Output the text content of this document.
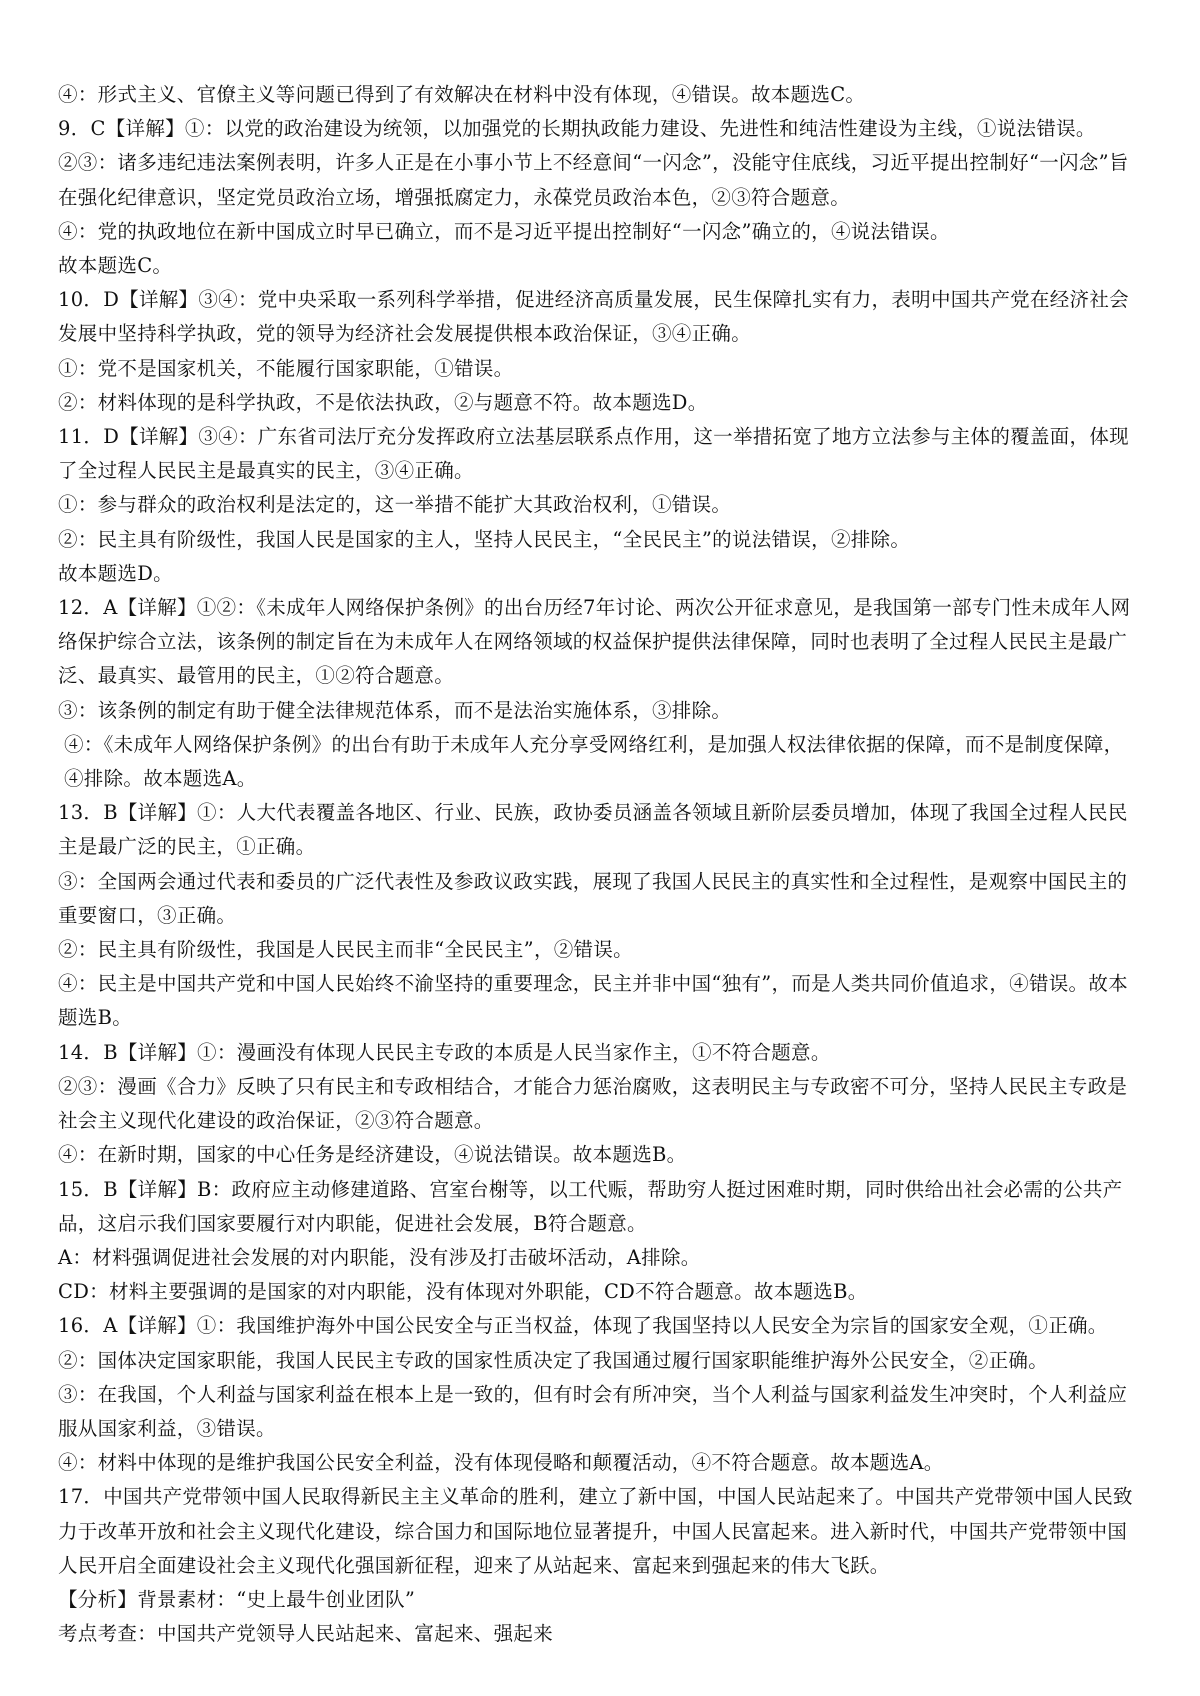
④：形式主义、官僚主义等问题已得到了有效解决在材料中没有体现，④错误。故本题选C。

9．C【详解】①：以党的政治建设为统领，以加强党的长期执政能力建设、先进性和纯洁性建设为主线，①说法错误。

②③：诸多违纪违法案例表明，许多人正是在小事小节上不经意间“一闪念”，没能守住底线，习近平提出控制好“一闪念”旨在强化纪律意识，坚定党员政治立场，增强抵腐定力，永葆党员政治本色，②③符合题意。

④：党的执政地位在新中国成立时早已确立，而不是习近平提出控制好“一闪念”确立的，④说法错误。

故本题选C。

10．D【详解】③④：党中央采取一系列科学举措，促进经济高质量发展，民生保障扎实有力，表明中国共产党在经济社会发展中坚持科学执政，党的领导为经济社会发展提供根本政治保证，③④正确。

①：党不是国家机关，不能履行国家职能，①错误。

②：材料体现的是科学执政，不是依法执政，②与题意不符。故本题选D。

11．D【详解】③④：广东省司法厅充分发挥政府立法基层联系点作用，这一举措拓宽了地方立法参与主体的覆盖面，体现了全过程人民民主是最真实的民主，③④正确。

①：参与群众的政治权利是法定的，这一举措不能扩大其政治权利，①错误。

②：民主具有阶级性，我国人民是国家的主人，坚持人民民主，“全民民主”的说法错误，②排除。

故本题选D。

12．A【详解】①②：《未成年人网络保护条例》的出台历经7年讨论、两次公开征求意见，是我国第一部专门性未成年人网络保护综合立法，该条例的制定旨在为未成年人在网络领域的权益保护提供法律保障，同时也表明了全过程人民民主是最广泛、最真实、最管用的民主，①②符合题意。

③：该条例的制定有助于健全法律规范体系，而不是法治实施体系，③排除。

④：《未成年人网络保护条例》的出台有助于未成年人充分享受网络红利，是加强人权法律依据的保障，而不是制度保障，④排除。故本题选A。

13．B【详解】①：人大代表覆盖各地区、行业、民族，政协委员涵盖各领域且新阶层委员增加，体现了我国全过程人民民主是最广泛的民主，①正确。

③：全国两会通过代表和委员的广泛代表性及参政议政实践，展现了我国人民民主的真实性和全过程性，是观察中国民主的重要窗口，③正确。

②：民主具有阶级性，我国是人民民主而非“全民民主”，②错误。

④：民主是中国共产党和中国人民始终不渝坚持的重要理念，民主并非中国“独有”，而是人类共同价值追求，④错误。故本题选B。

14．B【详解】①：漫画没有体现人民民主专政的本质是人民当家作主，①不符合题意。

②③：漫画《合力》反映了只有民主和专政相结合，才能合力惩治腐败，这表明民主与专政密不可分，坚持人民民主专政是社会主义现代化建设的政治保证，②③符合题意。

④：在新时期，国家的中心任务是经济建设，④说法错误。故本题选B。

15．B【详解】B：政府应主动修建道路、宫室台榭等，以工代赈，帮助穷人挺过困难时期，同时供给出社会必需的公共产品，这启示我们国家要履行对内职能，促进社会发展，B符合题意。

A：材料强调促进社会发展的对内职能，没有涉及打击破坏活动，A排除。

CD：材料主要强调的是国家的对内职能，没有体现对外职能，CD不符合题意。故本题选B。

16．A【详解】①：我国维护海外中国公民安全与正当权益，体现了我国坚持以人民安全为宗旨的国家安全观，①正确。

②：国体决定国家职能，我国人民民主专政的国家性质决定了我国通过履行国家职能维护海外公民安全，②正确。

③：在我国，个人利益与国家利益在根本上是一致的，但有时会有所冲突，当个人利益与国家利益发生冲突时，个人利益应服从国家利益，③错误。

④：材料中体现的是维护我国公民安全利益，没有体现侵略和颠覆活动，④不符合题意。故本题选A。

17．中国共产党带领中国人民取得新民主主义革命的胜利，建立了新中国，中国人民站起来了。中国共产党带领中国人民致力于改革开放和社会主义现代化建设，综合国力和国际地位显著提升，中国人民富起来。进入新时代，中国共产党带领中国人民开启全面建设社会主义现代化强国新征程，迎来了从站起来、富起来到强起来的伟大飞跃。

【分析】背景素材：“史上最牛创业团队”

考点考查：中国共产党领导人民站起来、富起来、强起来
